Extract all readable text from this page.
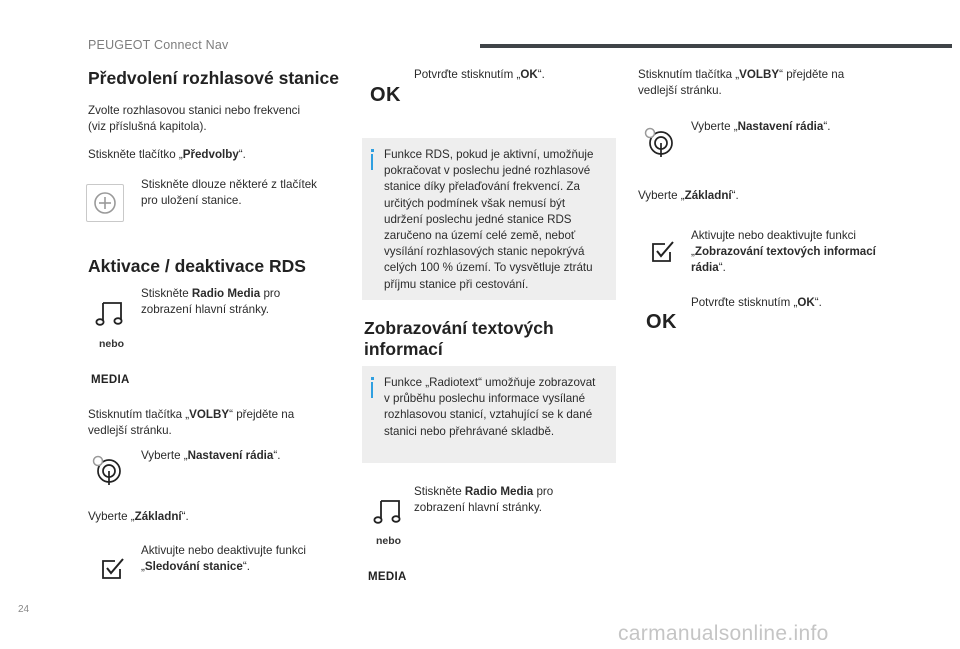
PEUGEOT Connect Nav
Předvolení rozhlasové stanice
Zvolte rozhlasovou stanici nebo frekvenci
(viz příslušná kapitola).
Stiskněte tlačítko „Předvolby“.
Stiskněte dlouze některé z tlačítek
pro uložení stanice.
Aktivace / deaktivace RDS
Stiskněte Radio Media pro
zobrazení hlavní stránky.
nebo
MEDIA
Stisknutím tlačítka „VOLBY“ přejděte na
vedlejší stránku.
Vyberte „Nastavení rádia“.
Vyberte „Základní“.
Aktivujte nebo deaktivujte funkci
„Sledování stanice“.
OK
Potvrďte stisknutím „OK“.
Funkce RDS, pokud je aktivní, umožňuje
pokračovat v poslechu jedné rozhlasové
stanice díky přelaďování frekvencí. Za
určitých podmínek však nemusí být
udržení poslechu jedné stanice RDS
zaručeno na území celé země, neboť
vysílání rozhlasových stanic nepokrývá
celých 100 % území. To vysvětluje ztrátu
příjmu stanice při cestování.
Zobrazování textových
informací
Funkce „Radiotext“ umožňuje zobrazovat
v průběhu poslechu informace vysílané
rozhlasovou stanicí, vztahující se k dané
stanici nebo přehrávané skladbě.
Stiskněte Radio Media pro
zobrazení hlavní stránky.
nebo
MEDIA
Stisknutím tlačítka „VOLBY“ přejděte na
vedlejší stránku.
Vyberte „Nastavení rádia“.
Vyberte „Základní“.
Aktivujte nebo deaktivujte funkci
„Zobrazování textových informací
rádia“.
OK
Potvrďte stisknutím „OK“.
24
carmanualsonline.info
